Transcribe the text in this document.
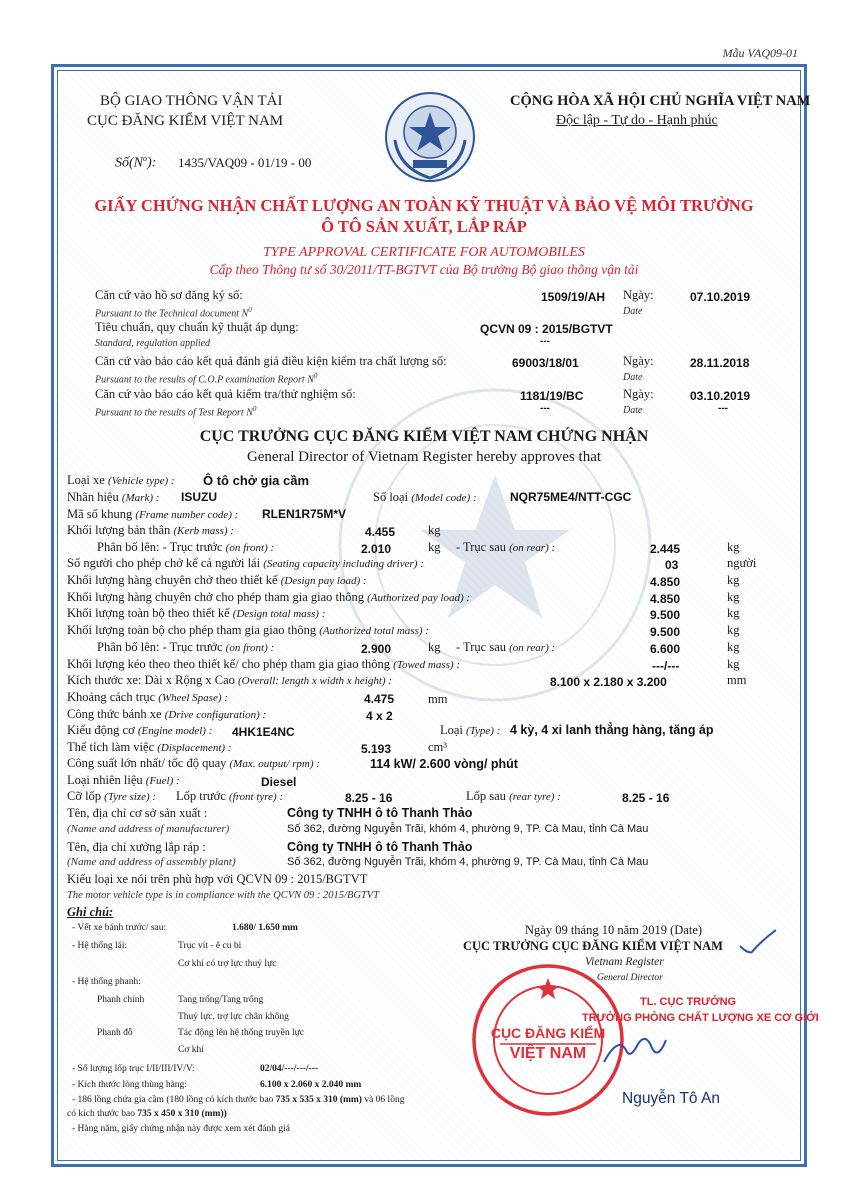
Mẫu VAQ09-01
BỘ GIAO THÔNG VẬN TẢI
CỤC ĐĂNG KIỂM VIỆT NAM
$Số(N^o)$: 1435/VAQ09 - 01/19 - 00
CỘNG HÒA XÃ HỘI CHỦ NGHĨA VIỆT NAM
Độc lập - Tự do - Hạnh phúc
GIẤY CHỨNG NHẬN CHẤT LƯỢNG AN TOÀN KỸ THUẬT VÀ BẢO VỆ MÔI TRƯỜNG
Ô TÔ SẢN XUẤT, LẮP RÁP
TYPE APPROVAL CERTIFICATE FOR AUTOMOBILES
Cấp theo Thông tư số 30/2011/TT-BGTVT của Bộ trưởng Bộ giao thông vận tải
Căn cứ vào hồ sơ đăng ký số:
Pursuant to the Technical document $N^0$
1509/19/AH Ngày:	07.10.2019
Date
Tiêu chuẩn, quy chuẩn kỹ thuật áp dụng:
Standard, regulation applied
QCVN 09 : 2015/BGTVT
---
Căn cứ vào báo cáo kết quả đánh giá điều kiện kiểm tra chất lượng số:
Pursuant to the results of C.O.P examination Report $N^0$
69003/18/01	Ngày:	28.11.2018
Date
Căn cứ vào báo cáo kết quả kiểm tra/thử nghiệm số:
Pursuant to the results of Test Report $N^0$
1181/19/BC	Ngày:	03.10.2019
---	Date	---
CỤC TRƯỞNG CỤC ĐĂNG KIỂM VIỆT NAM CHỨNG NHẬN
General Director of Vietnam Register hereby approves that
Loại xe (Vehicle type) : Ô tô chở gia cầm
Nhãn hiệu (Mark) : ISUZU	Số loại (Model code) :	NQR75ME4/NTT-CGC
Mã số khung (Frame number code) : RLEN1R75M*V
Khối lượng bản thân (Kerb mass) :	4.455	kg
Phân bố lên: - Trục trước (on front) :	2.010	kg - Trục sau (on rear) :	2.445	kg
Số người cho phép chở kể cả người lái (Seating capacity including driver) :	03	người
Khối lượng hàng chuyên chở theo thiết kế (Design pay load) :	4.850	kg
Khối lượng hàng chuyên chở cho phép tham gia giao thông (Authorized pay load) :	4.850	kg
Khối lượng toàn bộ theo thiết kế (Design total mass) :	9.500	kg
Khối lượng toàn bộ cho phép tham gia giao thông (Authorized total mass) :	9.500	kg
Phân bố lên: - Trục trước (on front) :	2.900	kg - Trục sau (on rear) :	6.600	kg
Khối lượng kéo theo theo thiết kế/ cho phép tham gia giao thông (Towed mass) :	---/---	kg
Kích thước xe: Dài x Rộng x Cao (Overall: length x width x height) :	8.100 x 2.180 x 3.200	mm
Khoảng cách trục (Wheel Spase) :	4.475	mm
Công thức bánh xe (Drive configuration) :	4 x 2
Kiểu động cơ (Engine model) : 4HK1E4NC	Loại (Type) : 4 kỳ, 4 xi lanh thẳng hàng, tăng áp
Thể tích làm việc (Displacement) :	5.193	cm³
Công suất lớn nhất/ tốc độ quay (Max. output/ rpm) :	114 kW/ 2.600 vòng/ phút
Loại nhiên liệu (Fuel) :	Diesel
Cỡ lốp (Tyre size) : Lốp trước (front tyre) :	8.25 - 16	Lốp sau (rear tyre) :	8.25 - 16
Tên, địa chỉ cơ sở sản xuất :	Công ty TNHH ô tô Thanh Thảo
(Name and address of manufacturer)	Số 362, đường Nguyễn Trãi, khóm 4, phường 9, TP. Cà Mau, tỉnh Cà Mau
Tên, địa chỉ xưởng lắp ráp :	Công ty TNHH ô tô Thanh Thảo
(Name and address of assembly plant)	Số 362, đường Nguyễn Trãi, khóm 4, phường 9, TP. Cà Mau, tỉnh Cà Mau
Kiểu loại xe nói trên phù hợp với QCVN 09 : 2015/BGTVT
The motor vehicle type is in compliance with the QCVN 09 : 2015/BGTVT
Ghi chú:
- Vết xe bánh trước/ sau:	1.680/ 1.650 mm
- Hệ thống lái:	Trục vít - ê cu bi
Cơ khí có trợ lực thuỷ lực
- Hệ thống phanh:
Phanh chính	Tang trống/Tang trống
Thuỷ lực, trợ lực chân không
Phanh đỗ	Tác động lên hệ thống truyền lực
Cơ khí
- Số lượng lốp trục I/II/III/IV/V:	02/04/---/---/---
- Kích thước lòng thùng hàng:	6.100 x 2.060 x 2.040 mm
- 186 lồng chứa gia cầm (180 lồng có kích thước bao 735 x 535 x 310 (mm) và 06 lồng
có kích thước bao 735 x 450 x 310 (mm))
- Hàng năm, giấy chứng nhận này được xem xét đánh giá
Ngày 09 tháng 10 năm 2019 (Date)
CỤC TRƯỞNG CỤC ĐĂNG KIỂM VIỆT NAM
Vietnam Register
General Director
TL. CỤC TRƯỞNG
TRƯỞNG PHÒNG CHẤT LƯỢNG XE CƠ GIỚI
CỤC ĐĂNG KIỂM
VIỆT NAM
Nguyễn Tô An
